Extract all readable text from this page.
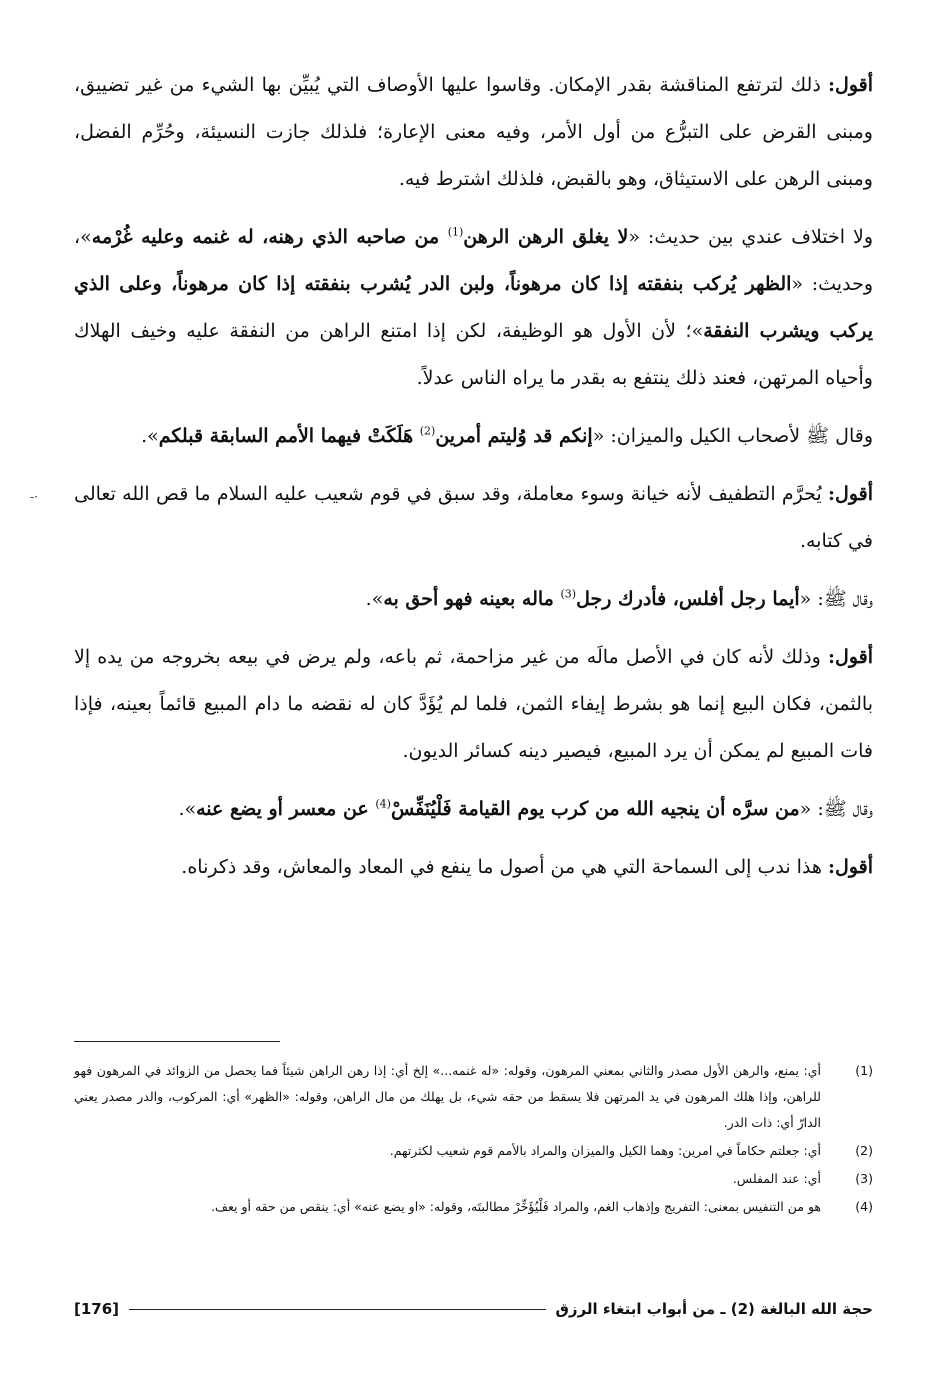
أقول: ذلك لترتفع المناقشة بقدر الإمكان. وقاسوا عليها الأوصاف التي يُبيِّن بها الشيء من غير تضييق، ومبنى القرض على التبرُّع من أول الأمر، وفيه معنى الإعارة؛ فلذلك جازت النسيئة، وحُرِّم الفضل، ومبنى الرهن على الاستيثاق، وهو بالقبض، فلذلك اشترط فيه.

ولا اختلاف عندي بين حديث: «لا يغلق الرهن الرهن$^{(1)}$ من صاحبه الذي رهنه، له غنمه وعليه غُرْمه»، وحديث: «الظهر يُركب بنفقته إذا كان مرهوناً، ولبن الدر يُشرب بنفقته إذا كان مرهوناً، وعلى الذي يركب ويشرب النفقة»؛ لأن الأول هو الوظيفة، لكن إذا امتنع الراهن من النفقة عليه وخيف الهلاك وأحياه المرتهن، فعند ذلك ينتفع به بقدر ما يراه الناس عدلاً.

وقال ﷺ لأصحاب الكيل والميزان: «إنكم قد وُليتم أمرين$^{(2)}$ هَلَكَتْ فيهما الأمم السابقة قبلكم».

أقول: يُحرَّم التطفيف لأنه خيانة وسوء معاملة، وقد سبق في قوم شعيب عليه السلام ما قص الله تعالى في كتابه.

وقال ﷺ: «أيما رجل أفلس، فأدرك رجل$^{(3)}$ ماله بعينه فهو أحق به».

أقول: وذلك لأنه كان في الأصل مالَه من غير مزاحمة، ثم باعه، ولم يرض في بيعه بخروجه من يده إلا بالثمن، فكان البيع إنما هو بشرط إيفاء الثمن، فلما لم يُؤَدَّ كان له نقضه ما دام المبيع قائماً بعينه، فإذا فات المبيع لم يمكن أن يرد المبيع، فيصير دينه كسائر الديون.

وقال ﷺ: «من سرَّه أن ينجيه الله من كرب يوم القيامة فَلْيُنَفِّسْ$^{(4)}$ عن معسر أو يضع عنه».

أقول: هذا ندب إلى السماحة التي هي من أصول ما ينفع في المعاد والمعاش، وقد ذكرناه.

·-
(1)
أي: يمنع، والرهن الأول مصدر والثاني بمعني المرهون، وقوله: «له غنمه...» إلخ أي: إذا رهن الراهن شيئاً فما يحصل من الزوائد في المرهون فهو للراهن، وإذا هلك المرهون في يد المرتهن فلا يسقط من حقه شيء، بل يهلك من مال الراهن، وقوله: «الظهر» أي: المركوب، والدر مصدر يعني الدارّ أي: ذات الدر.
(2)
أي: جعلتم حكاماً في امرين: وهما الكيل والميزان والمراد بالأمم قوم شعيب لكثرتهم.
(3)
أي: عند المفلس.
(4)
هو من التنفيس بمعنى: التفريج وإذهاب الغم، والمراد فَلْيُؤَخِّرْ مطالبتَه، وقوله: «او يضع عنه» أي: ينقص من حقه أو يعف.
حجة الله البالغة (2) ـ من أبواب ابتغاء الرزق
[176]
